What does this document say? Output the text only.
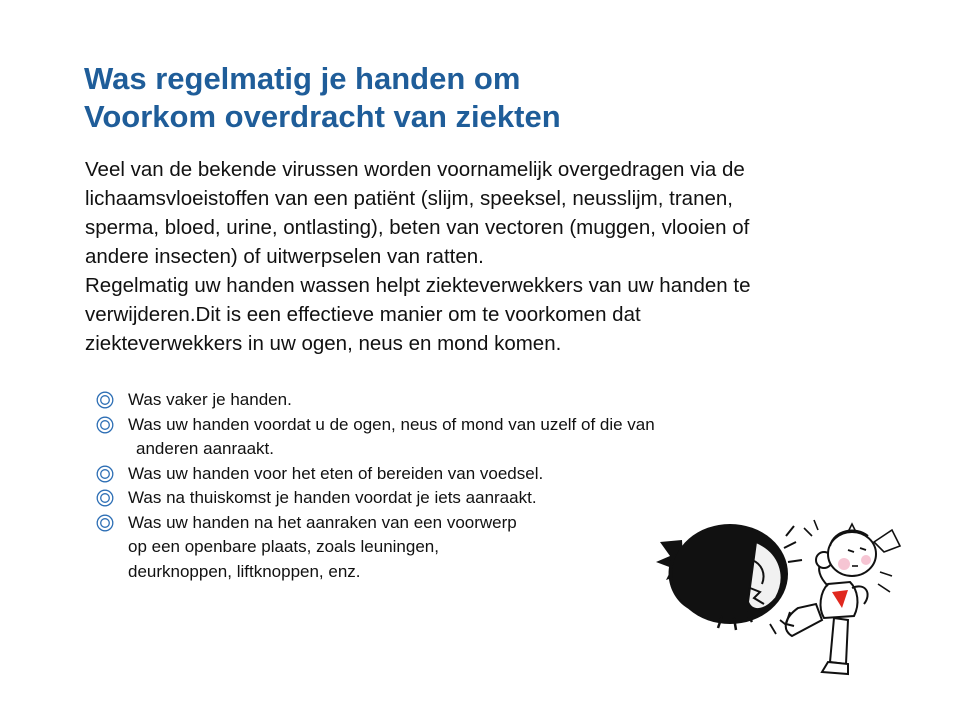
Was regelmatig je handen om
Voorkom overdracht van ziekten
Veel van de bekende virussen worden voornamelijk overgedragen via de
lichaamsvloeistoffen van een patiënt (slijm, speeksel, neusslijm, tranen,
sperma, bloed, urine, ontlasting), beten van vectoren (muggen, vlooien of
andere insecten) of uitwerpselen van ratten.
Regelmatig uw handen wassen helpt ziekteverwekkers van uw handen te
verwijderen.Dit is een effectieve manier om te voorkomen dat
ziekteverwekkers in uw ogen, neus en mond komen.
Was vaker je handen.
Was uw handen voordat u de ogen, neus of mond van uzelf of die van
anderen aanraakt.
Was uw handen voor het eten of bereiden van voedsel.
Was na thuiskomst je handen voordat je iets aanraakt.
Was uw handen na het aanraken van een voorwerp
op een openbare plaats, zoals leuningen,
deurknoppen, liftknoppen, enz.
